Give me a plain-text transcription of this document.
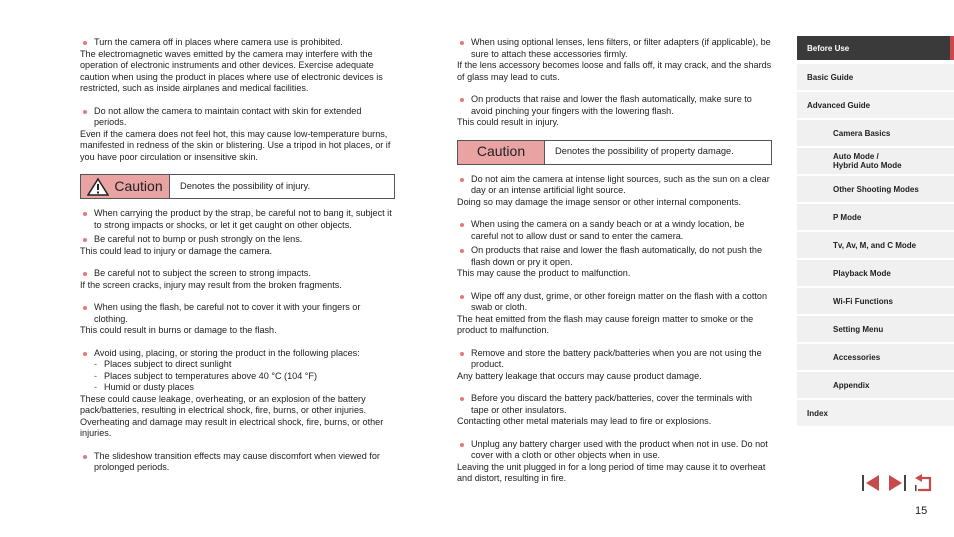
Turn the camera off in places where camera use is prohibited.
The electromagnetic waves emitted by the camera may interfere with the operation of electronic instruments and other devices. Exercise adequate caution when using the product in places where use of electronic devices is restricted, such as inside airplanes and medical facilities.
Do not allow the camera to maintain contact with skin for extended periods.
Even if the camera does not feel hot, this may cause low-temperature burns, manifested in redness of the skin or blistering. Use a tripod in hot places, or if you have poor circulation or insensitive skin.
Caution	Denotes the possibility of injury.
When carrying the product by the strap, be careful not to bang it, subject it to strong impacts or shocks, or let it get caught on other objects.
Be careful not to bump or push strongly on the lens.
This could lead to injury or damage the camera.
Be careful not to subject the screen to strong impacts.
If the screen cracks, injury may result from the broken fragments.
When using the flash, be careful not to cover it with your fingers or clothing.
This could result in burns or damage to the flash.
Avoid using, placing, or storing the product in the following places:
- Places subject to direct sunlight
- Places subject to temperatures above 40 °C (104 °F)
- Humid or dusty places
These could cause leakage, overheating, or an explosion of the battery pack/batteries, resulting in electrical shock, fire, burns, or other injuries. Overheating and damage may result in electrical shock, fire, burns, or other injuries.
The slideshow transition effects may cause discomfort when viewed for prolonged periods.
When using optional lenses, lens filters, or filter adapters (if applicable), be sure to attach these accessories firmly.
If the lens accessory becomes loose and falls off, it may crack, and the shards of glass may lead to cuts.
On products that raise and lower the flash automatically, make sure to avoid pinching your fingers with the lowering flash.
This could result in injury.
Caution	Denotes the possibility of property damage.
Do not aim the camera at intense light sources, such as the sun on a clear day or an intense artificial light source.
Doing so may damage the image sensor or other internal components.
When using the camera on a sandy beach or at a windy location, be careful not to allow dust or sand to enter the camera.
On products that raise and lower the flash automatically, do not push the flash down or pry it open.
This may cause the product to malfunction.
Wipe off any dust, grime, or other foreign matter on the flash with a cotton swab or cloth.
The heat emitted from the flash may cause foreign matter to smoke or the product to malfunction.
Remove and store the battery pack/batteries when you are not using the product.
Any battery leakage that occurs may cause product damage.
Before you discard the battery pack/batteries, cover the terminals with tape or other insulators.
Contacting other metal materials may lead to fire or explosions.
Unplug any battery charger used with the product when not in use. Do not cover with a cloth or other objects when in use.
Leaving the unit plugged in for a long period of time may cause it to overheat and distort, resulting in fire.
Before Use
Basic Guide
Advanced Guide
Camera Basics
Auto Mode /
Hybrid Auto Mode
Other Shooting Modes
P Mode
Tv, Av, M, and C Mode
Playback Mode
Wi-Fi Functions
Setting Menu
Accessories
Appendix
Index
15
